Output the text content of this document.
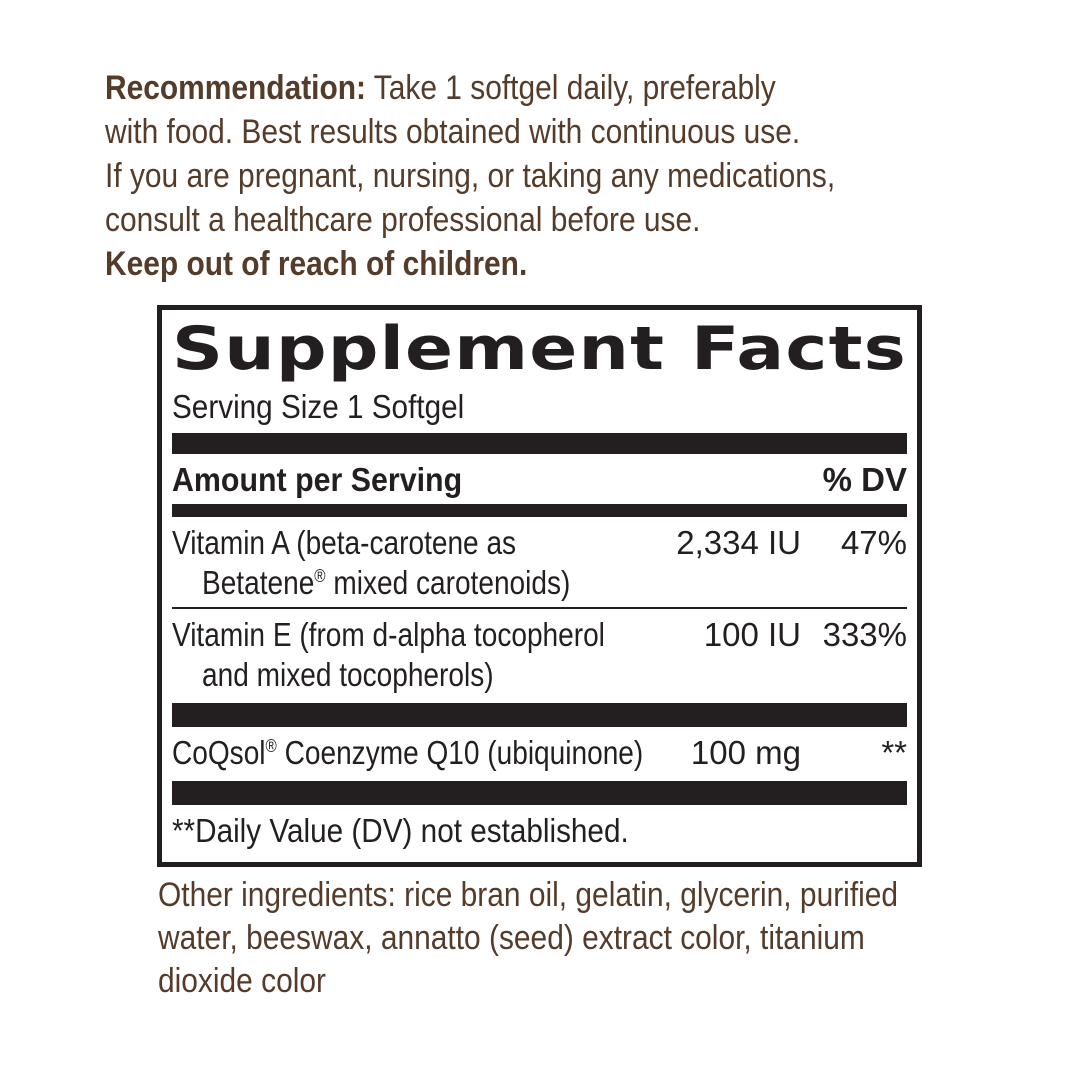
Recommendation: Take 1 softgel daily, preferably
with food. Best results obtained with continuous use.
If you are pregnant, nursing, or taking any medications,
consult a healthcare professional before use.
Keep out of reach of children.
Supplement Facts
Serving Size 1 Softgel
Amount per Serving	% DV
Vitamin A (beta-carotene as
Betatene® mixed carotenoids)
2,334 IU	47%
Vitamin E (from d-alpha tocopherol
and mixed tocopherols)
100 IU 333%
CoQsol® Coenzyme Q10 (ubiquinone)	100 mg	**
**Daily Value (DV) not established.
Other ingredients: rice bran oil, gelatin, glycerin, purified
water, beeswax, annatto (seed) extract color, titanium
dioxide color
